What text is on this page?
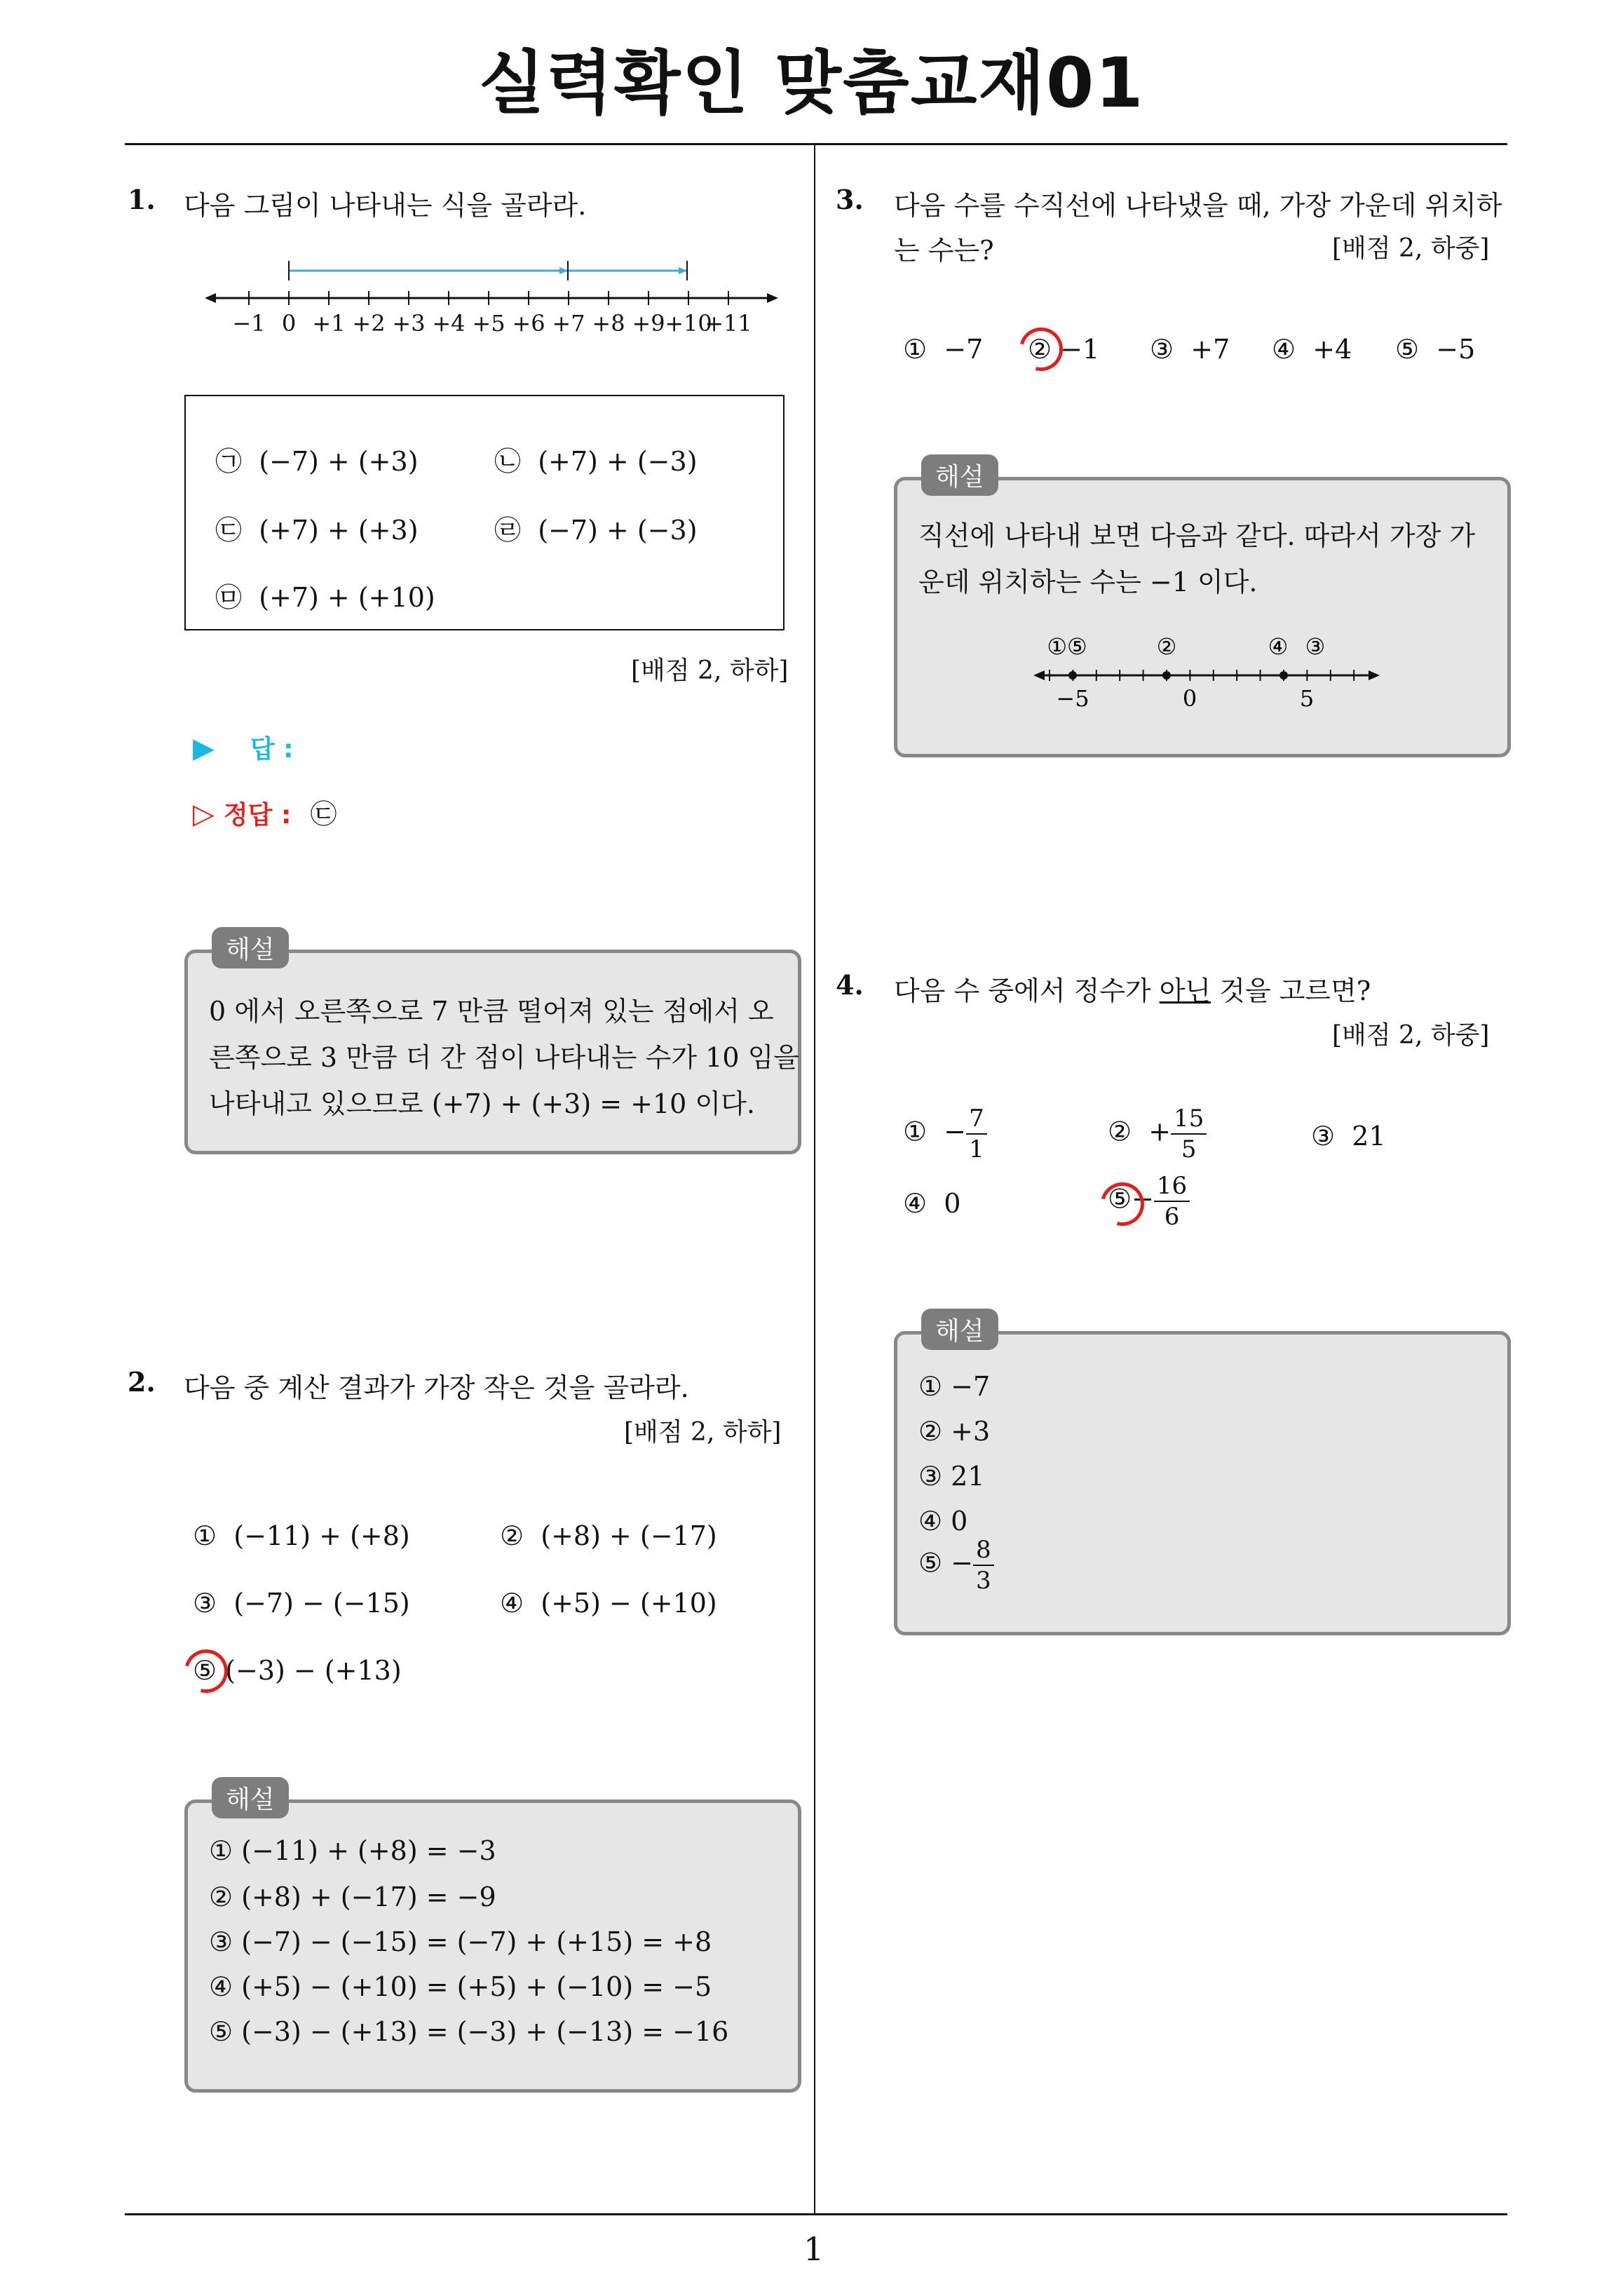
실력확인 맞춤교재01
1
1. 다음 그림이 나타내는 식을 골라라.
−1 0 +1 +2 +3 +4 +5 +6 +7 +8 +9 +10
+11
㉠ (−7) + (+3)	㉡ (+7) + (−3)
㉢ (+7) + (+3)	㉣ (−7) + (−3)
㉤ (+7) + (+10)
[배점 2, 하하]
▶ 답 :
▷ 정답 : ㉢
0 에서 오른쪽으로 7 만큼 떨어져 있는 점에서 오
른쪽으로 3 만큼 더 간 점이 나타내는 수가 10 임을
나타내고 있으므로 (+7) + (+3) = +10 이다.
해설
2. 다음 중 계산 결과가 가장 작은 것을 골라라.
[배점 2, 하하]
① (−11) + (+8)	② (+8) + (−17)
③ (−7) − (−15)	④ (+5) − (+10)
⑤ (−3) − (+13)
① (−11) + (+8) = −3
② (+8) + (−17) = −9
③ (−7) − (−15) = (−7) + (+15) = +8
④ (+5) − (+10) = (+5) + (−10) = −5
⑤ (−3) − (+13) = (−3) + (−13) = −16
해설
3. 다음 수를 수직선에 나타냈을 때, 가장 가운데 위치하
는 수는?	[배점 2, 하중]
① −7 ② −1 ③ +7 ④ +4 ⑤ −5
직선에 나타내 보면 다음과 같다. 따라서 가장 가
운데 위치하는 수는 −1 이다.
①⑤	②	④ ③
−5	0	5
해설
4. 다음 수 중에서 정수가 아닌 것을 고르면?
[배점 2, 하중]
① − $\frac{7}{1}$	② + $\frac{15}{5}$	③ 21
④ 0	⑤− $\frac{16}{6}$
① −7
② +3
③ 21
④ 0
⑤ − $\frac{8}{3}$
해설
